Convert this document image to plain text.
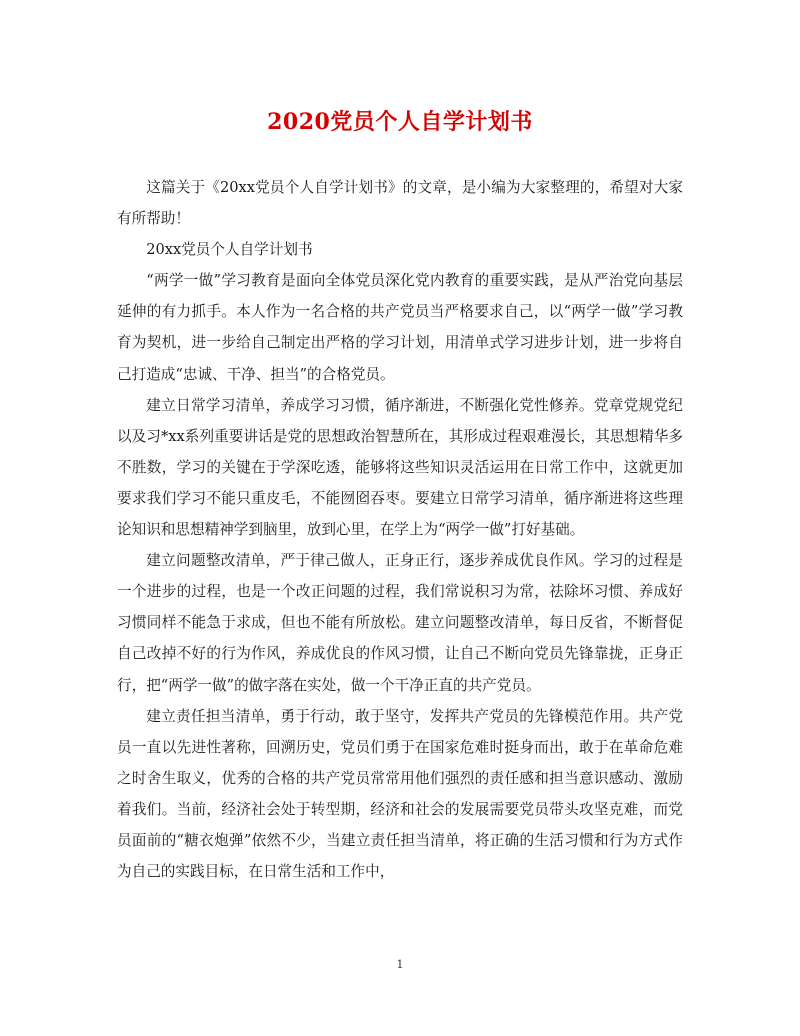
2020党员个人自学计划书

这篇关于《20xx党员个人自学计划书》的文章，是小编为大家整理的，希望对大家有所帮助！

20xx党员个人自学计划书

“两学一做”学习教育是面向全体党员深化党内教育的重要实践，是从严治党向基层延伸的有力抓手。本人作为一名合格的共产党员当严格要求自己，以“两学一做”学习教育为契机，进一步给自己制定出严格的学习计划，用清单式学习进步计划，进一步将自己打造成“忠诚、干净、担当”的合格党员。

建立日常学习清单，养成学习习惯，循序渐进，不断强化党性修养。党章党规党纪以及习*xx系列重要讲话是党的思想政治智慧所在，其形成过程艰难漫长，其思想精华多不胜数，学习的关键在于学深吃透，能够将这些知识灵活运用在日常工作中，这就更加要求我们学习不能只重皮毛，不能囫囵吞枣。要建立日常学习清单，循序渐进将这些理论知识和思想精神学到脑里，放到心里，在学上为“两学一做”打好基础。

建立问题整改清单，严于律己做人，正身正行，逐步养成优良作风。学习的过程是一个进步的过程，也是一个改正问题的过程，我们常说积习为常，祛除坏习惯、养成好习惯同样不能急于求成，但也不能有所放松。建立问题整改清单，每日反省，不断督促自己改掉不好的行为作风，养成优良的作风习惯，让自己不断向党员先锋靠拢，正身正行，把“两学一做”的做字落在实处，做一个干净正直的共产党员。

建立责任担当清单，勇于行动，敢于坚守，发挥共产党员的先锋模范作用。共产党员一直以先进性著称，回溯历史，党员们勇于在国家危难时挺身而出，敢于在革命危难之时舍生取义，优秀的合格的共产党员常常用他们强烈的责任感和担当意识感动、激励着我们。当前，经济社会处于转型期，经济和社会的发展需要党员带头攻坚克难，而党员面前的“糖衣炮弹”依然不少，当建立责任担当清单，将正确的生活习惯和行为方式作为自己的实践目标，在日常生活和工作中，

1
